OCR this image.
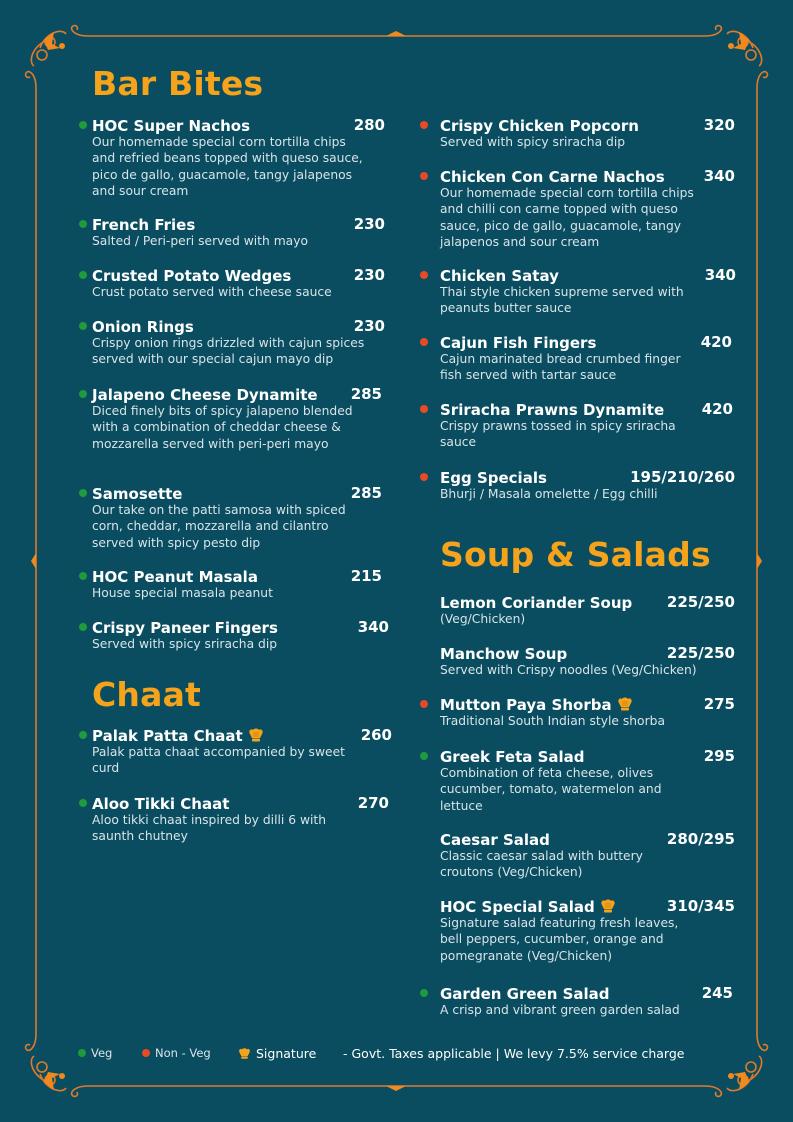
Bar Bites
Chaat
Soup & Salads
HOC Super Nachos	280
Our homemade special corn tortilla chips and refried beans topped with queso sauce, pico de gallo, guacamole, tangy jalapenos and sour cream
French Fries	230
Salted / Peri-peri served with mayo
Crusted Potato Wedges	230
Crust potato served with cheese sauce
Onion Rings	230
Crispy onion rings drizzled with cajun spices served with our special cajun mayo dip
Jalapeno Cheese Dynamite 285
Diced finely bits of spicy jalapeno blended with a combination of cheddar cheese & mozzarella served with peri-peri mayo
Samosette	285
Our take on the patti samosa with spiced corn, cheddar, mozzarella and cilantro served with spicy pesto dip
HOC Peanut Masala	215
House special masala peanut
Crispy Paneer Fingers	340
Served with spicy sriracha dip
Palak Patta Chaat	260
Palak patta chaat accompanied by sweet curd
Aloo Tikki Chaat	270
Aloo tikki chaat inspired by dilli 6 with saunth chutney
Crispy Chicken Popcorn	320
Served with spicy sriracha dip
Chicken Con Carne Nachos	340
Our homemade special corn tortilla chips and chilli con carne topped with queso sauce, pico de gallo, guacamole, tangy jalapenos and sour cream
Chicken Satay	340
Thai style chicken supreme served with peanuts butter sauce
Cajun Fish Fingers	420
Cajun marinated bread crumbed finger fish served with tartar sauce
Sriracha Prawns Dynamite	420
Crispy prawns tossed in spicy sriracha sauce
Egg Specials	195/210/260
Bhurji / Masala omelette / Egg chilli
Lemon Coriander Soup 225/250
(Veg/Chicken)
Manchow Soup	225/250
Served with Crispy noodles (Veg/Chicken)
Mutton Paya Shorba	275
Traditional South Indian style shorba
Greek Feta Salad	295
Combination of feta cheese, olives cucumber, tomato, watermelon and lettuce
Caesar Salad	280/295
Classic caesar salad with buttery croutons (Veg/Chicken)
HOC Special Salad	310/345
Signature salad featuring fresh leaves, bell peppers, cucumber, orange and pomegranate (Veg/Chicken)
Garden Green Salad	245
A crisp and vibrant green garden salad
Veg	Non - Veg	Signature - Govt. Taxes applicable | We levy 7.5% service charge
